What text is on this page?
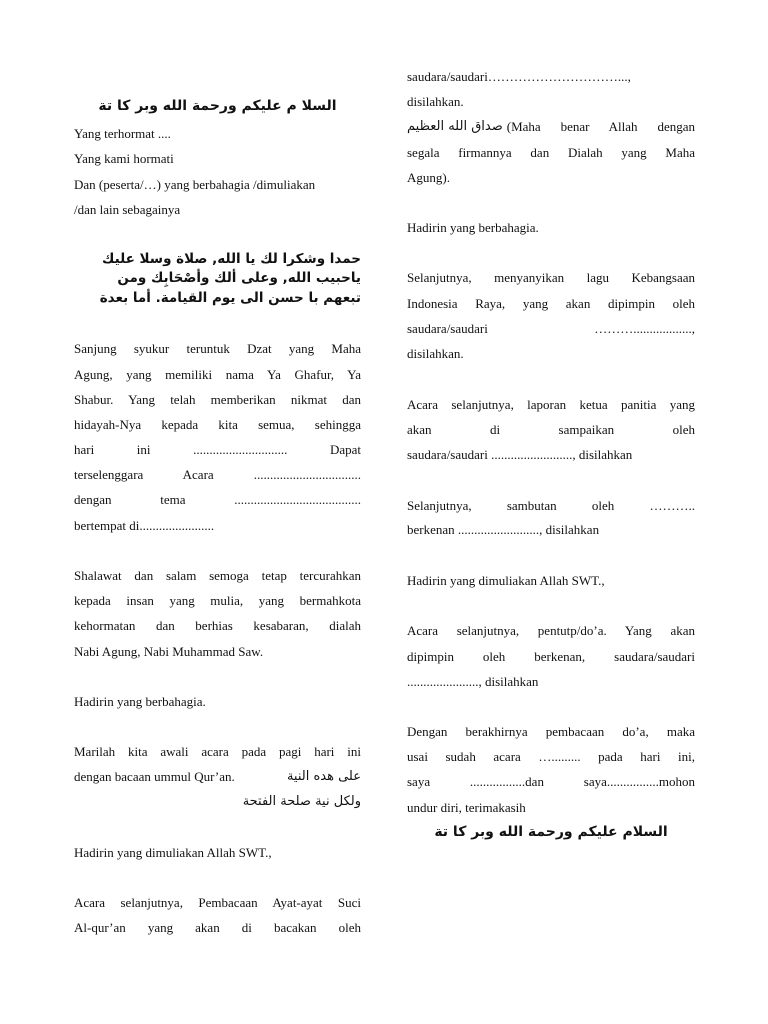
السلا م عليكم ورحمة الله وبر كا تة
Yang terhormat ....
Yang kami hormati
Dan (peserta/…) yang berbahagia /dimuliakan
/dan lain sebagainya
حمدا وشكرا لك يا الله, صلاة وسلا عليك
ياحبيب الله, وعلى ألك وأصْحَابِك ومن
تبعهم با حسن الى يوم القيامة. أما بعدة
Sanjung syukur teruntuk Dzat yang Maha
Agung, yang memiliki nama Ya Ghafur, Ya
Shabur. Yang telah memberikan nikmat dan
hidayah-Nya kepada kita semua, sehingga
hari ini ............................. Dapat
terselenggara Acara .................................
dengan tema .......................................
bertempat di.......................
Shalawat dan salam semoga tetap tercurahkan
kepada insan yang mulia, yang bermahkota
kehormatan dan berhias kesabaran, dialah
Nabi Agung, Nabi Muhammad Saw.
Hadirin yang berbahagia.
Marilah kita awali acara pada pagi hari ini
dengan bacaan ummul Qur’an.	على هده النية
ولكل نية صلحة الفتحة
Hadirin yang dimuliakan Allah SWT.,
Acara selanjutnya, Pembacaan Ayat-ayat Suci
Al-qur’an yang akan di bacakan oleh
saudara/saudari…………………………...,
disilahkan.
صداق الله العظيم (Maha benar Allah dengan
segala firmannya dan Dialah yang Maha
Agung).
Hadirin yang berbahagia.
Selanjutnya, menyanyikan lagu Kebangsaan
Indonesia Raya, yang akan dipimpin oleh
saudara/saudari ………..................,
disilahkan.
Acara selanjutnya, laporan ketua panitia yang
akan di sampaikan oleh
saudara/saudari ........................., disilahkan
Selanjutnya, sambutan oleh ………..
berkenan ........................., disilahkan
Hadirin yang dimuliakan Allah SWT.,
Acara selanjutnya, pentutp/do’a. Yang akan
dipimpin oleh berkenan, saudara/saudari
......................, disilahkan
Dengan berakhirnya pembacaan do’a, maka
usai sudah acara …......... pada hari ini,
saya .................dan saya................mohon
undur diri, terimakasih
السلام عليكم ورحمة الله وبر كا تة
